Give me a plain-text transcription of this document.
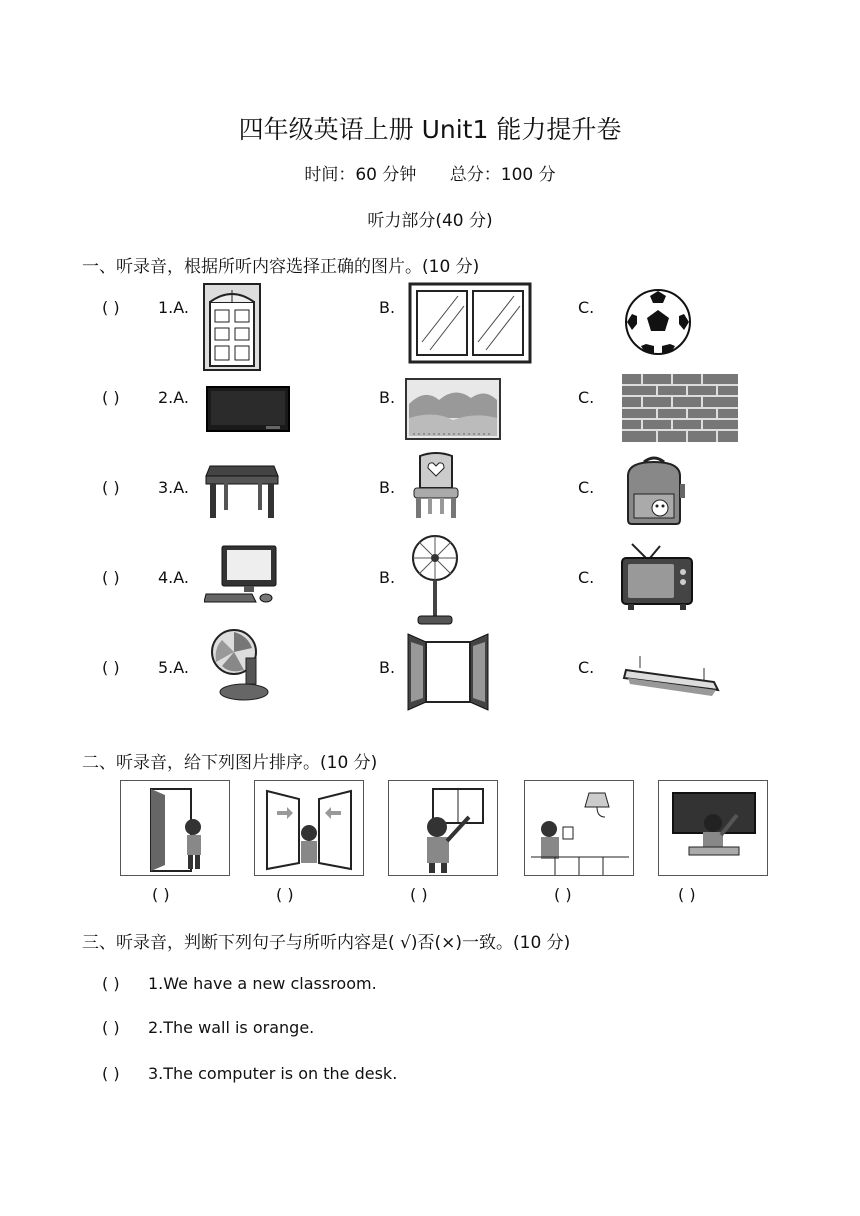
四年级英语上册 Unit1 能力提升卷
时间：60 分钟 总分：100 分
听力部分(40 分)
一、听录音，根据所听内容选择正确的图片。(10 分)
( ) 1.A.	B.	C.
( ) 2.A.	B.	C.
( ) 3.A.	B.	C.
( ) 4.A.	B.	C.
( ) 5.A.	B.	C.
二、听录音，给下列图片排序。(10 分)
( )	( )	( )	( )	( )
三、听录音，判断下列句子与所听内容是( √)否(×)一致。(10 分)
( ) 1.We have a new classroom.
( ) 2.The wall is orange.
( ) 3.The computer is on the desk.
